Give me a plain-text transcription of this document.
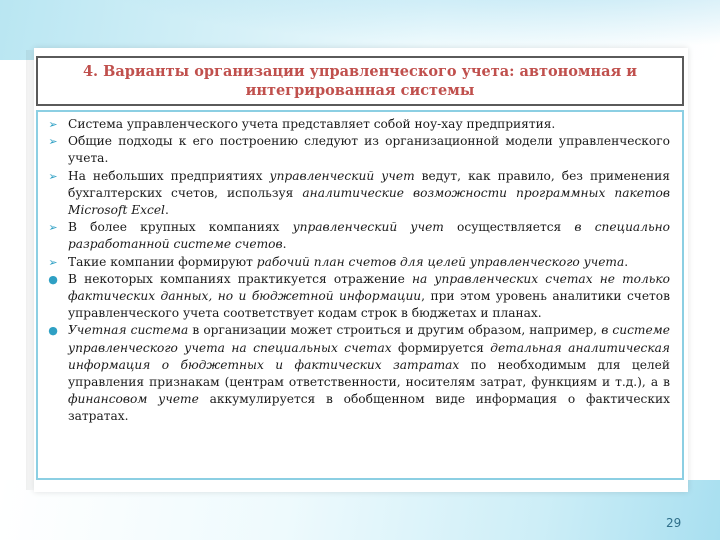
4. Варианты организации управленческого учета: автономная и интегрированная системы
➢ Система управленческого учета представляет собой ноу-хау предприятия.
➢ Общие подходы к его построению следуют из организационной модели управленческого учета.
➢ На небольших предприятиях управленческий учет ведут, как правило, без применения бухгалтерских счетов, используя аналитические возможности программных пакетов Microsoft Excel.
➢ В более крупных компаниях управленческий учет осуществляется в специально разработанной системе счетов.
➢ Такие компании формируют рабочий план счетов для целей управленческого учета.
● В некоторых компаниях практикуется отражение на управленческих счетах не только фактических данных, но и бюджетной информации, при этом уровень аналитики счетов управленческого учета соответствует кодам строк в бюджетах и планах.
● Учетная система в организации может строиться и другим образом, например, в системе управленческого учета на специальных счетах формируется детальная аналитическая информация о бюджетных и фактических затратах по необходимым для целей управления признакам (центрам ответственности, носителям затрат, функциям и т.д.), а в финансовом учете аккумулируется в обобщенном виде информация о фактических затратах.
29
